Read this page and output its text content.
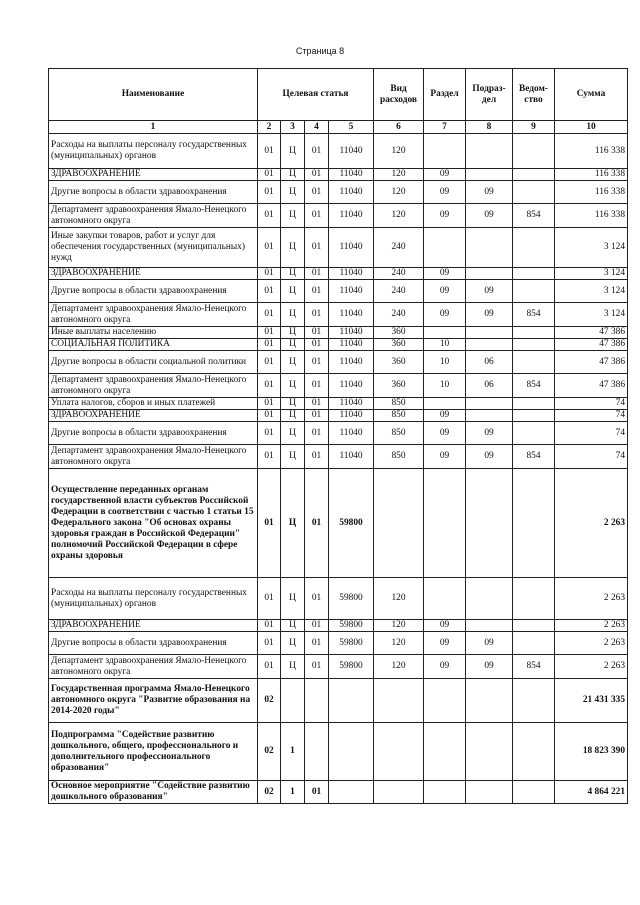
Страница 8
Наименование	Целевая статья				Вид расходов	Раздел	Подраз-дел	Ведом-ство	Сумма
1	2	3	4	5	6	7	8	9	10
Расходы на выплаты персоналу государственных (муниципальных) органов	01	Ц	01	11040	120				116 338
ЗДРАВООХРАНЕНИЕ	01	Ц	01	11040	120	09			116 338
Другие вопросы в области здравоохранения	01	Ц	01	11040	120	09	09		116 338
Департамент здравоохранения Ямало-Ненецкого автономного округа	01	Ц	01	11040	120	09	09	854	116 338
Иные закупки товаров, работ и услуг для обеспечения государственных (муниципальных) нужд	01	Ц	01	11040	240				3 124
ЗДРАВООХРАНЕНИЕ	01	Ц	01	11040	240	09			3 124
Другие вопросы в области здравоохранения	01	Ц	01	11040	240	09	09		3 124
Департамент здравоохранения Ямало-Ненецкого автономного округа	01	Ц	01	11040	240	09	09	854	3 124
Иные выплаты населению	01	Ц	01	11040	360				47 386
СОЦИАЛЬНАЯ ПОЛИТИКА	01	Ц	01	11040	360	10			47 386
Другие вопросы в области социальной политики	01	Ц	01	11040	360	10	06		47 386
Департамент здравоохранения Ямало-Ненецкого автономного округа	01	Ц	01	11040	360	10	06	854	47 386
Уплата налогов, сборов и иных платежей	01	Ц	01	11040	850				74
ЗДРАВООХРАНЕНИЕ	01	Ц	01	11040	850	09			74
Другие вопросы в области здравоохранения	01	Ц	01	11040	850	09	09		74
Департамент здравоохранения Ямало-Ненецкого автономного округа	01	Ц	01	11040	850	09	09	854	74
Осуществление переданных органам государственной власти субъектов Российской Федерации в соответствии с частью 1 статьи 15 Федерального закона "Об основах охраны здоровья граждан в Российской Федерации" полномочий Российской Федерации в сфере охраны здоровья	01	Ц	01	59800					2 263
Расходы на выплаты персоналу государственных (муниципальных) органов	01	Ц	01	59800	120				2 263
ЗДРАВООХРАНЕНИЕ	01	Ц	01	59800	120	09			2 263
Другие вопросы в области здравоохранения	01	Ц	01	59800	120	09	09		2 263
Департамент здравоохранения Ямало-Ненецкого автономного округа	01	Ц	01	59800	120	09	09	854	2 263
Государственная программа Ямало-Ненецкого автономного округа "Развитие образования на 2014-2020 годы"	02								21 431 335
Подпрограмма "Содействие развитию дошкольного, общего, профессионального и дополнительного профессионального образования"	02	1							18 823 390
Основное мероприятие "Содействие развитию дошкольного образования"	02	1	01						4 864 221
